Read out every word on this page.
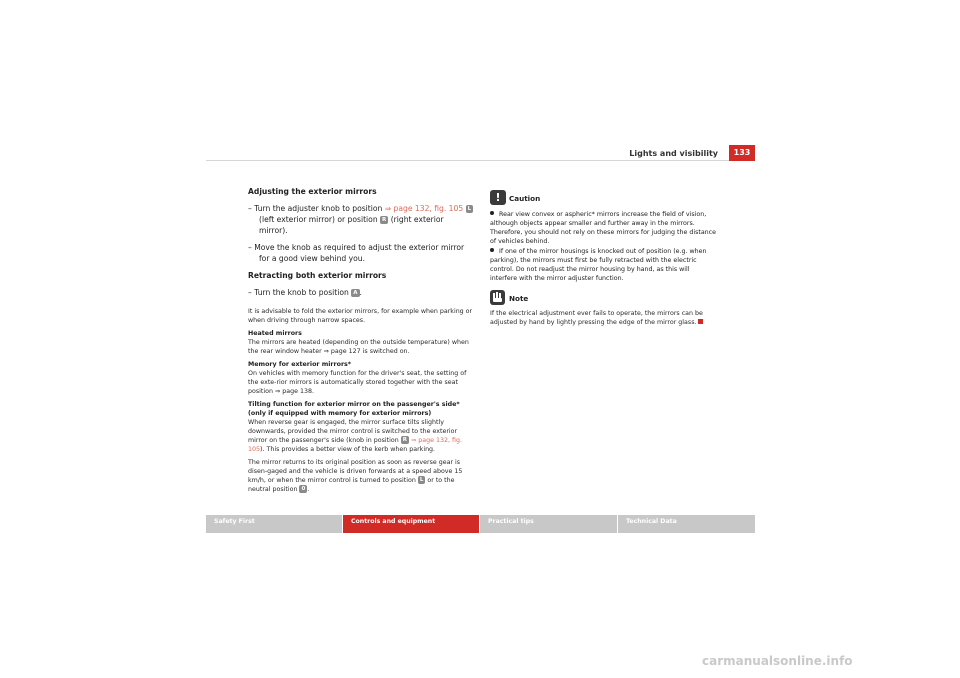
Lights and visibility	133

Adjusting the exterior mirrors

– Turn the adjuster knob to position ⇒ page 132, fig. 105 L (left exterior mirror) or position R (right exterior mirror).

– Move the knob as required to adjust the exterior mirror for a good view behind you.

Retracting both exterior mirrors

– Turn the knob to position A .

It is advisable to fold the exterior mirrors, for example when parking or when driving through narrow spaces.

Heated mirrors

The mirrors are heated (depending on the outside temperature) when the rear window heater ⇒ page 127 is switched on.

Memory for exterior mirrors*

On vehicles with memory function for the driver's seat, the setting of the exte-rior mirrors is automatically stored together with the seat position ⇒ page 138.

Tilting function for exterior mirror on the passenger's side* (only if equipped with memory for exterior mirrors)

When reverse gear is engaged, the mirror surface tilts slightly downwards, provided the mirror control is switched to the exterior mirror on the passenger's side (knob in position R ⇒ page 132, fig. 105). This provides a better view of the kerb when parking.

The mirror returns to its original position as soon as reverse gear is disen-gaged and the vehicle is driven forwards at a speed above 15 km/h, or when the mirror control is turned to position L or to the neutral position 0 .

!	Caution

Rear view convex or aspheric* mirrors increase the field of vision, although objects appear smaller and further away in the mirrors. Therefore, you should not rely on these mirrors for judging the distance of vehicles behind.

If one of the mirror housings is knocked out of position (e.g. when parking), the mirrors must first be fully retracted with the electric control. Do not readjust the mirror housing by hand, as this will interfere with the mirror adjuster function.

Note

If the electrical adjustment ever fails to operate, the mirrors can be adjusted by hand by lightly pressing the edge of the mirror glass.

Safety First	Controls and equipment	Practical tips	Technical Data
carmanualsonline.info
